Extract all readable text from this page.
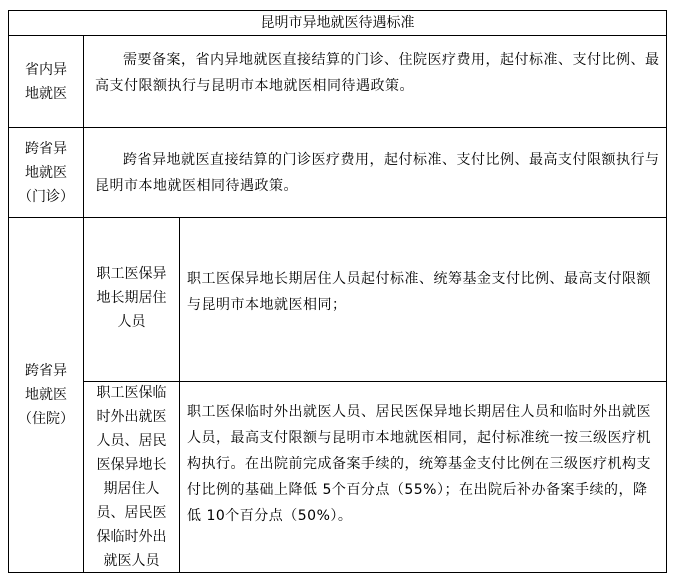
昆明市异地就医待遇标准
省内异
地就医
需要备案，省内异地就医直接结算的门诊、住院医疗费用，起付标准、支付比例、最高支付限额执行与昆明市本地就医相同待遇政策。
跨省异
地就医
（门诊）
跨省异地就医直接结算的门诊医疗费用，起付标准、支付比例、最高支付限额执行与昆明市本地就医相同待遇政策。
跨省异
地就医
（住院）
职工医保异
地长期居住
人员
职工医保异地长期居住人员起付标准、统筹基金支付比例、最高支付限额与昆明市本地就医相同；
职工医保临
时外出就医
人员、居民
医保异地长
期居住人
员、居民医
保临时外出
就医人员
职工医保临时外出就医人员、居民医保异地长期居住人员和临时外出就医人员，最高支付限额与昆明市本地就医相同，起付标准统一按三级医疗机构执行。在出院前完成备案手续的，统筹基金支付比例在三级医疗机构支付比例的基础上降低 5个百分点（55%）；在出院后补办备案手续的，降低 10个百分点（50%）。
